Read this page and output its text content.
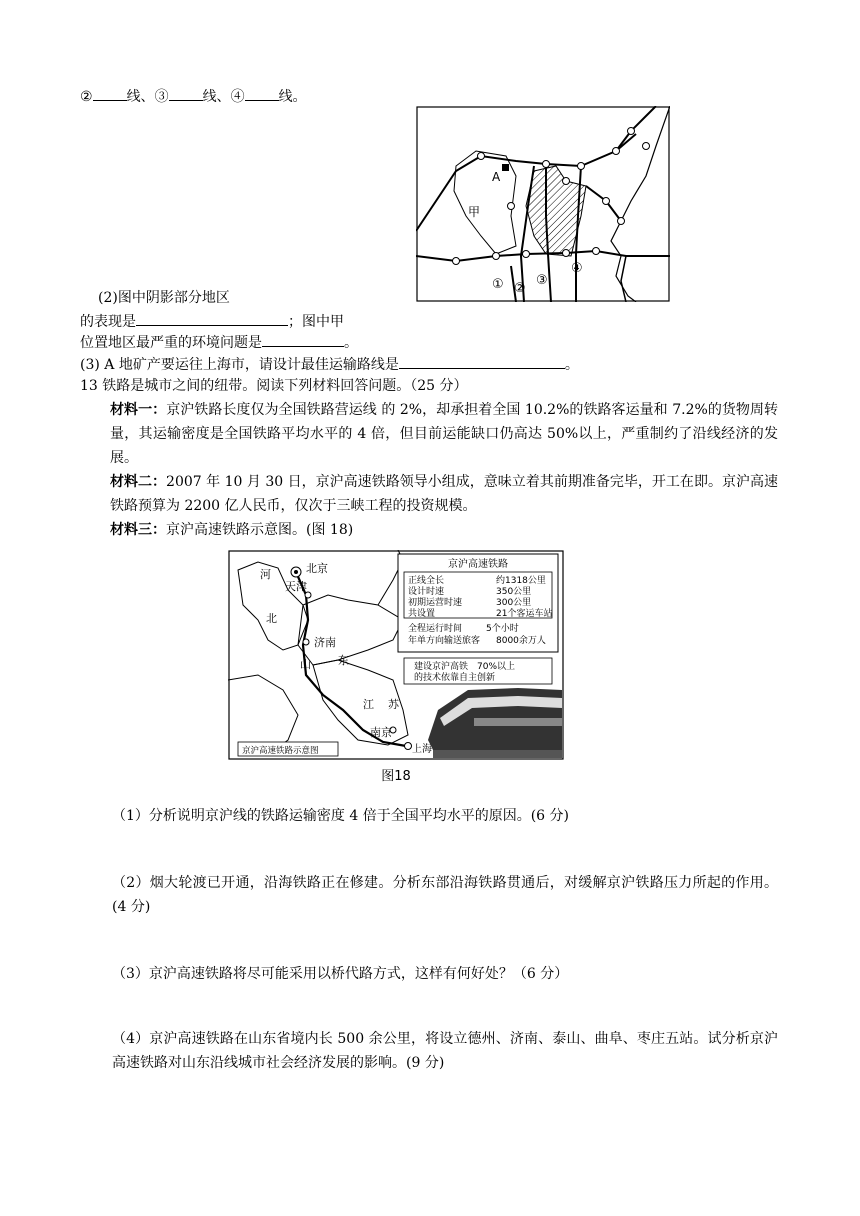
② 线、③ 线、④ 线。
A
甲
① ②
③
④
(2)图中阴影部分地区
的表现是	；图中甲
位置地区最严重的环境问题是	。
(3) A 地矿产要运往上海市，请设计最佳运输路线是	。
13 铁路是城市之间的纽带。阅读下列材料回答问题。（25 分）
材料一：京沪铁路长度仅为全国铁路营运线 的 2%，却承担着全国 10.2%的铁路客运量和 7.2%的货物周转量，其运输密度是全国铁路平均水平的 4 倍，但目前运能缺口仍高达 50%以上，严重制约了沿线经济的发展。
材料二：2007 年 10 月 30 日，京沪高速铁路领导小组成，意味立着其前期准备完毕，开工在即。京沪高速铁路预算为 2200 亿人民币，仅次于三峡工程的投资规模。
材料三：京沪高速铁路示意图。(图 18)
北京
天津
济南
南京
上海
河
北
山 东
江 苏
京沪高速铁路
正线全长	约1318公里
设计时速	350公里
初期运营时速	300公里
共设置	21个客运车站
全程运行时间	5个小时
年单方向输送旅客 8000余万人
建设京沪高铁　70%以上
的技术依靠自主创新
京沪高速铁路示意图
图18
（1）分析说明京沪线的铁路运输密度 4 倍于全国平均水平的原因。(6 分)
（2）烟大轮渡已开通，沿海铁路正在修建。分析东部沿海铁路贯通后，对缓解京沪铁路压力所起的作用。(4 分)
（3）京沪高速铁路将尽可能采用以桥代路方式，这样有何好处？（6 分）
（4）京沪高速铁路在山东省境内长 500 余公里，将设立德州、济南、泰山、曲阜、枣庄五站。试分析京沪高速铁路对山东沿线城市社会经济发展的影响。(9 分)
